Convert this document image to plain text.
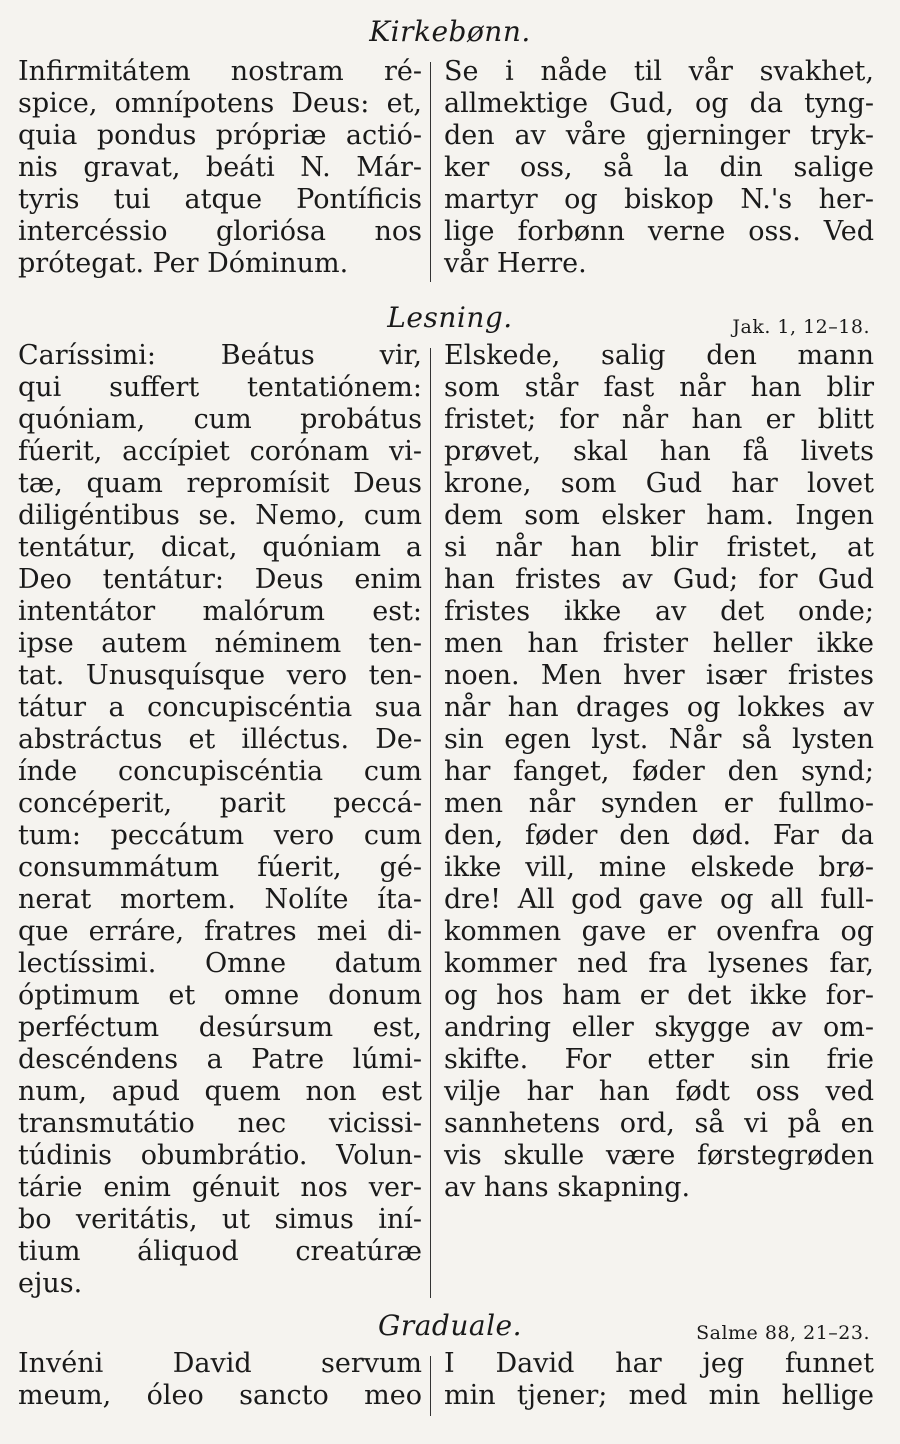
Kirkebønn.
Infirmitátem nostram ré-
spice, omnípotens Deus: et,
quia pondus própriæ actió-
nis gravat, beáti N. Már-
tyris tui atque Pontíficis
intercéssio gloriósa nos
prótegat. Per Dóminum.
Se i nåde til vår svakhet,
allmektige Gud, og da tyng-
den av våre gjerninger tryk-
ker oss, så la din salige
martyr og biskop N.'s her-
lige forbønn verne oss. Ved
vår Herre.
Lesning.	Jak. 1, 12–18.
Caríssimi: Beátus vir,
qui suffert tentatiónem:
quóniam, cum probátus
fúerit, accípiet corónam vi-
tæ, quam repromísit Deus
diligéntibus se. Nemo, cum
tentátur, dicat, quóniam a
Deo tentátur: Deus enim
intentátor malórum est:
ipse autem néminem ten-
tat. Unusquísque vero ten-
tátur a concupiscéntia sua
abstráctus et illéctus. De-
índe concupiscéntia cum
concéperit, parit peccá-
tum: peccátum vero cum
consummátum fúerit, gé-
nerat mortem. Nolíte íta-
que erráre, fratres mei di-
lectíssimi. Omne datum
óptimum et omne donum
perféctum desúrsum est,
descéndens a Patre lúmi-
num, apud quem non est
transmutátio nec vicissi-
túdinis obumbrátio. Volun-
tárie enim génuit nos ver-
bo veritátis, ut simus iní-
tium áliquod creatúræ
ejus.
Elskede, salig den mann
som står fast når han blir
fristet; for når han er blitt
prøvet, skal han få livets
krone, som Gud har lovet
dem som elsker ham. Ingen
si når han blir fristet, at
han fristes av Gud; for Gud
fristes ikke av det onde;
men han frister heller ikke
noen. Men hver især fristes
når han drages og lokkes av
sin egen lyst. Når så lysten
har fanget, føder den synd;
men når synden er fullmo-
den, føder den død. Far da
ikke vill, mine elskede brø-
dre! All god gave og all full-
kommen gave er ovenfra og
kommer ned fra lysenes far,
og hos ham er det ikke for-
andring eller skygge av om-
skifte. For etter sin frie
vilje har han født oss ved
sannhetens ord, så vi på en
vis skulle være førstegrøden
av hans skapning.
Graduale.	Salme 88, 21–23.
Invéni David servum
meum, óleo sancto meo
I David har jeg funnet
min tjener; med min hellige
